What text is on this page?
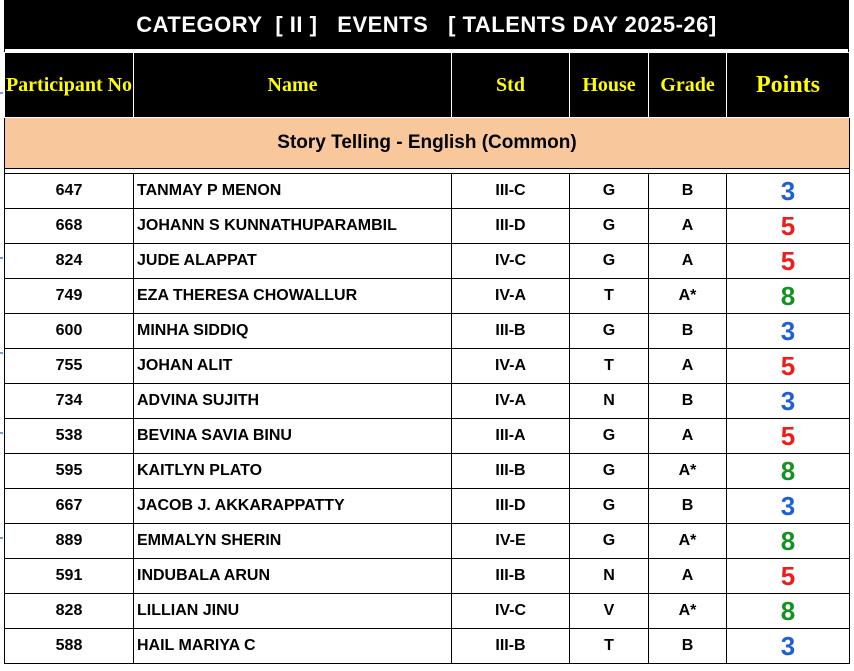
CATEGORY  [ II ]   EVENTS   [ TALENTS DAY 2025-26]
Participant No	Name	Std	House	Grade	Points
Story Telling - English (Common)					

647	TANMAY P MENON	III-C	G	B	3
668	JOHANN S KUNNATHUPARAMBIL	III-D	G	A	5
824	JUDE ALAPPAT	IV-C	G	A	5
749	EZA THERESA CHOWALLUR	IV-A	T	A*	8
600	MINHA SIDDIQ	III-B	G	B	3
755	JOHAN ALIT	IV-A	T	A	5
734	ADVINA SUJITH	IV-A	N	B	3
538	BEVINA SAVIA BINU	III-A	G	A	5
595	KAITLYN PLATO	III-B	G	A*	8
667	JACOB J. AKKARAPPATTY	III-D	G	B	3
889	EMMALYN SHERIN	IV-E	G	A*	8
591	INDUBALA ARUN	III-B	N	A	5
828	LILLIAN JINU	IV-C	V	A*	8
588	HAIL MARIYA C	III-B	T	B	3
